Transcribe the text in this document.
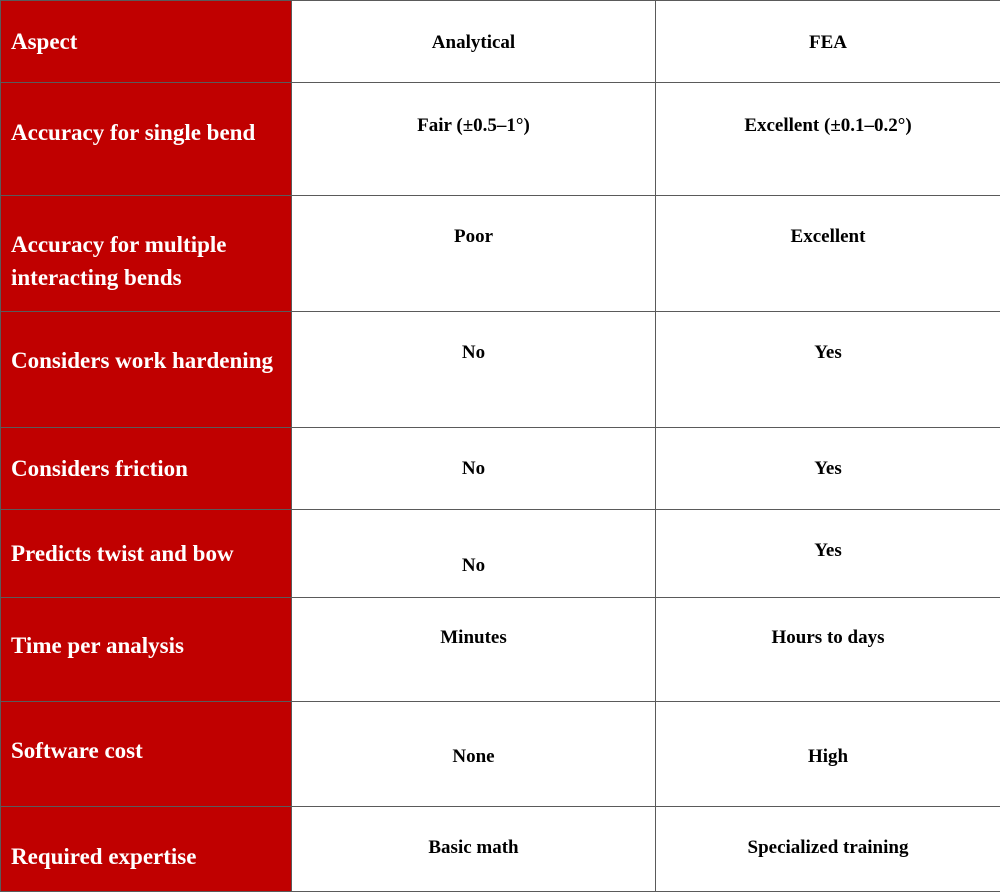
Aspect	Analytical	FEA

Accuracy for single bend	Fair (±0.5–1°)	Excellent (±0.1–0.2°)

Accuracy for multiple interacting bends	Poor	Excellent

Considers work hardening	No	Yes

Considers friction	No	Yes

Predicts twist and bow	No	Yes

Time per analysis	Minutes	Hours to days

Software cost	None	High

Required expertise	Basic math	Specialized training
